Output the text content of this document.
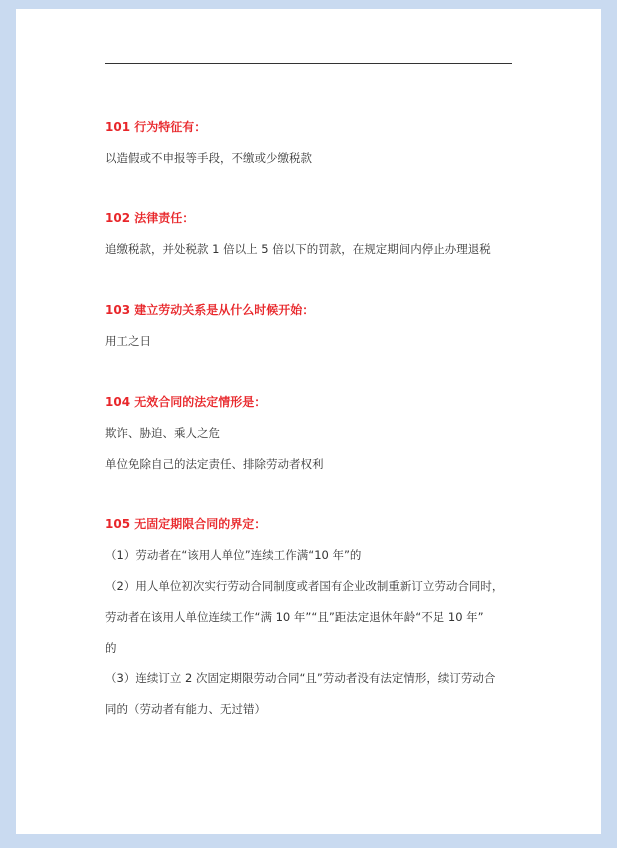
101 行为特征有：
以造假或不申报等手段，不缴或少缴税款
102 法律责任：
追缴税款，并处税款 1 倍以上 5 倍以下的罚款，在规定期间内停止办理退税
103 建立劳动关系是从什么时候开始：
用工之日
104 无效合同的法定情形是：
欺诈、胁迫、乘人之危
单位免除自己的法定责任、排除劳动者权利
105 无固定期限合同的界定：
（1）劳动者在“该用人单位”连续工作满“10 年”的
（2）用人单位初次实行劳动合同制度或者国有企业改制重新订立劳动合同时，
劳动者在该用人单位连续工作“满 10 年”“且”距法定退休年龄“不足 10 年”
的
（3）连续订立 2 次固定期限劳动合同“且”劳动者没有法定情形，续订劳动合
同的（劳动者有能力、无过错）
